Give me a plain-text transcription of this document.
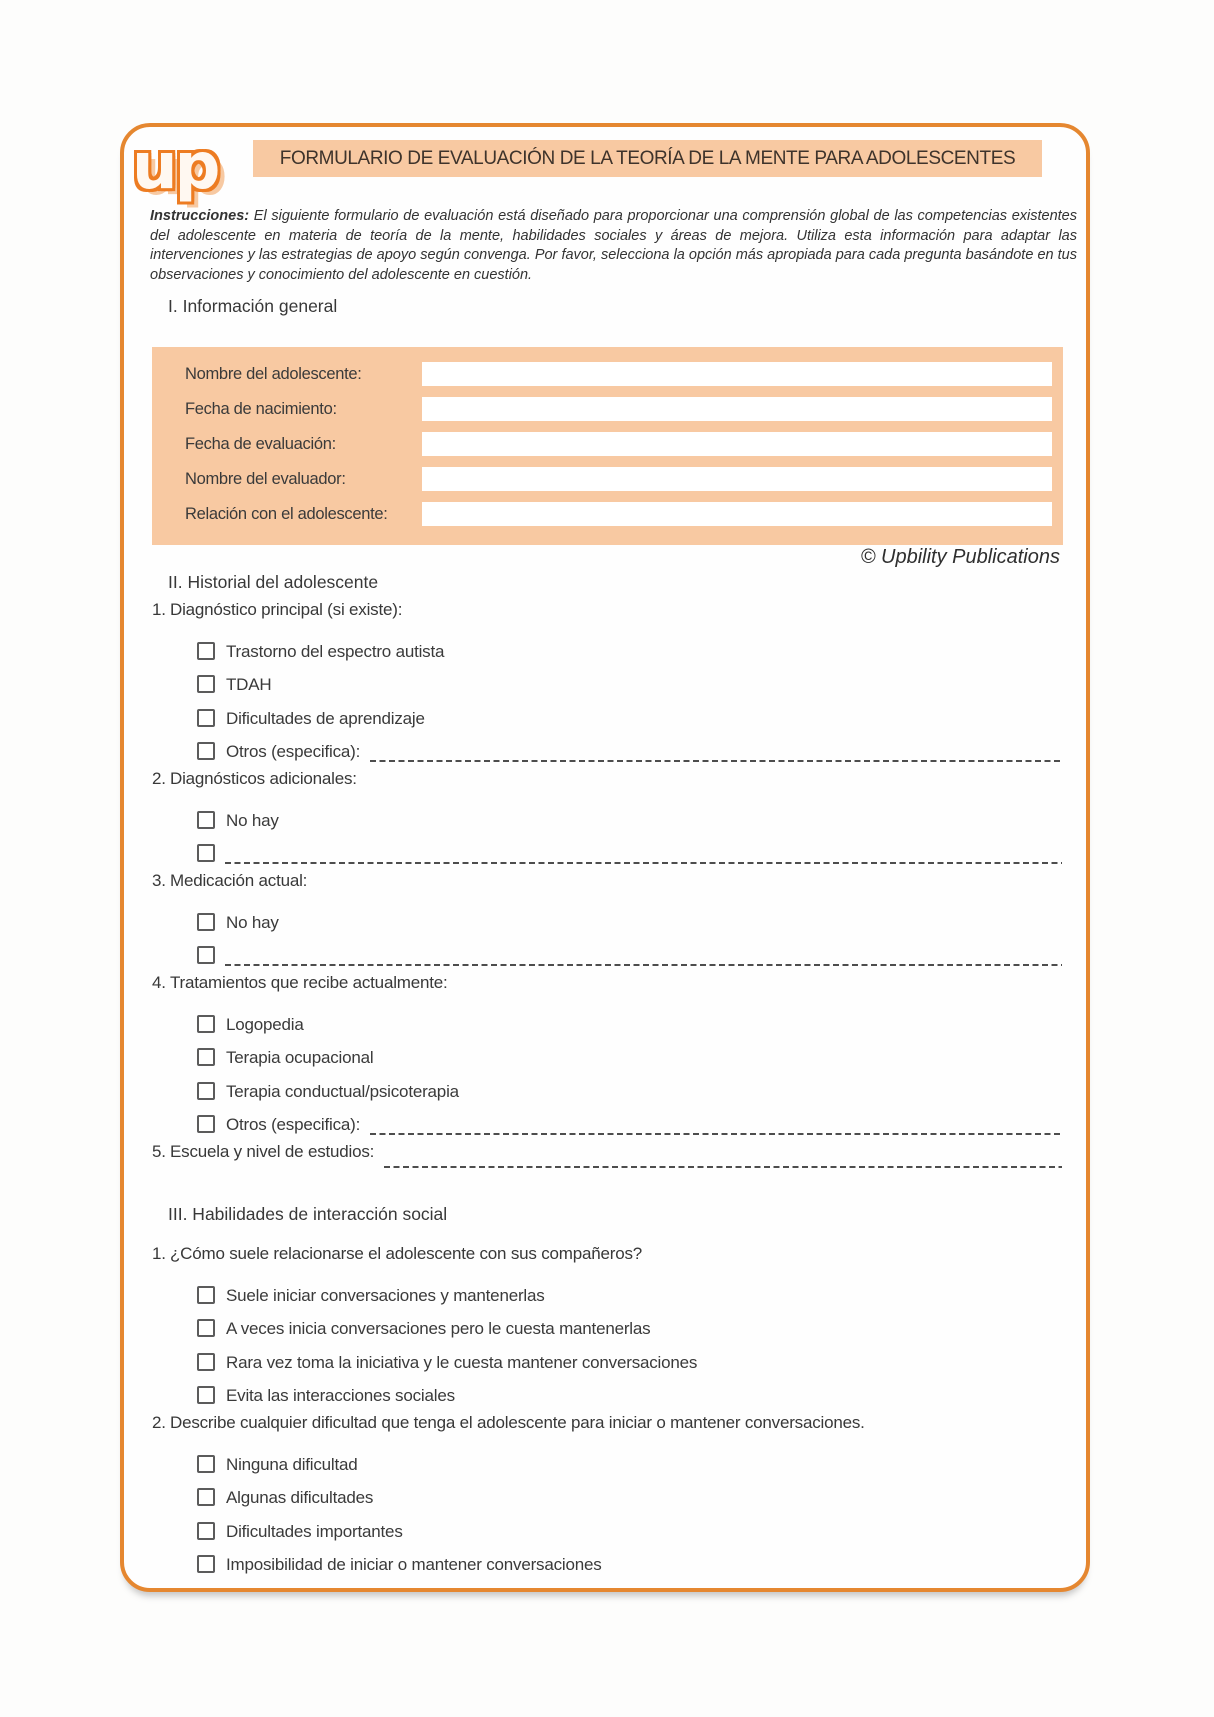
up	FORMULARIO DE EVALUACIÓN DE LA TEORÍA DE LA MENTE PARA ADOLESCENTES

Instrucciones: El siguiente formulario de evaluación está diseñado para proporcionar una comprensión global de las competencias existentes del adolescente en materia de teoría de la mente, habilidades sociales y áreas de mejora. Utiliza esta información para adaptar las intervenciones y las estrategias de apoyo según convenga. Por favor, selecciona la opción más apropiada para cada pregunta basándote en tus observaciones y conocimiento del adolescente en cuestión.

I. Información general
Nombre del adolescente:
Fecha de nacimiento:
Fecha de evaluación:
Nombre del evaluador:
Relación con el adolescente:
© Upbility Publications
II. Historial del adolescente
1. Diagnóstico principal (si existe):
Trastorno del espectro autista
TDAH
Dificultades de aprendizaje
Otros (especifica):
2. Diagnósticos adicionales:
No hay
3. Medicación actual:
No hay
4. Tratamientos que recibe actualmente:
Logopedia
Terapia ocupacional
Terapia conductual/psicoterapia
Otros (especifica):
5. Escuela y nivel de estudios:
III. Habilidades de interacción social
1. ¿Cómo suele relacionarse el adolescente con sus compañeros?
Suele iniciar conversaciones y mantenerlas
A veces inicia conversaciones pero le cuesta mantenerlas
Rara vez toma la iniciativa y le cuesta mantener conversaciones
Evita las interacciones sociales
2. Describe cualquier dificultad que tenga el adolescente para iniciar o mantener conversaciones.
Ninguna dificultad
Algunas dificultades
Dificultades importantes
Imposibilidad de iniciar o mantener conversaciones
